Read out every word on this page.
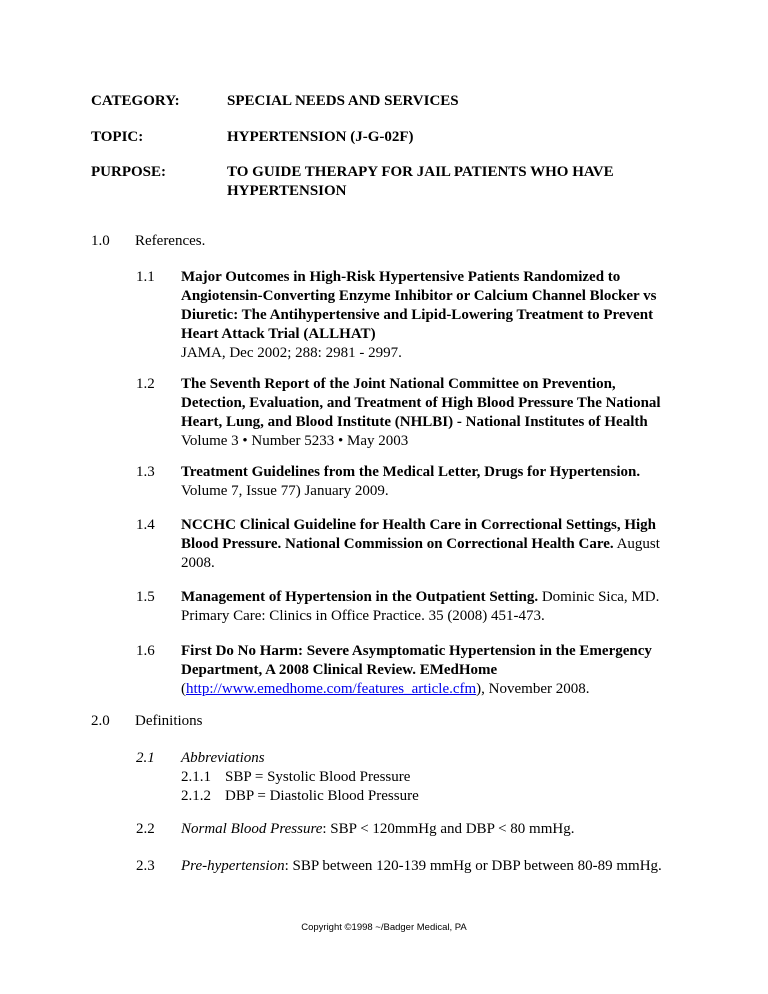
CATEGORY:	SPECIAL NEEDS AND SERVICES
TOPIC:	HYPERTENSION (J-G-02F)
PURPOSE:	TO GUIDE THERAPY FOR JAIL PATIENTS WHO HAVE HYPERTENSION
1.0 References.
1.1 Major Outcomes in High-Risk Hypertensive Patients Randomized to Angiotensin-Converting Enzyme Inhibitor or Calcium Channel Blocker vs Diuretic: The Antihypertensive and Lipid-Lowering Treatment to Prevent Heart Attack Trial (ALLHAT)
JAMA, Dec 2002; 288: 2981 - 2997.
1.2 The Seventh Report of the Joint National Committee on Prevention, Detection, Evaluation, and Treatment of High Blood Pressure The National Heart, Lung, and Blood Institute (NHLBI) - National Institutes of Health
Volume 3 • Number 5233 • May 2003
1.3 Treatment Guidelines from the Medical Letter, Drugs for Hypertension.
Volume 7, Issue 77) January 2009.
1.4 NCCHC Clinical Guideline for Health Care in Correctional Settings, High Blood Pressure. National Commission on Correctional Health Care. August 2008.
1.5 Management of Hypertension in the Outpatient Setting. Dominic Sica, MD. Primary Care: Clinics in Office Practice. 35 (2008) 451-473.
1.6 First Do No Harm: Severe Asymptomatic Hypertension in the Emergency Department, A 2008 Clinical Review. EMedHome
(http://www.emedhome.com/features_article.cfm), November 2008.
2.0 Definitions
2.1 Abbreviations
2.1.1 SBP = Systolic Blood Pressure
2.1.2 DBP = Diastolic Blood Pressure
2.2 Normal Blood Pressure: SBP < 120mmHg and DBP < 80 mmHg.
2.3 Pre-hypertension: SBP between 120-139 mmHg or DBP between 80-89 mmHg.
Copyright ©1998 ~/Badger Medical, PA
